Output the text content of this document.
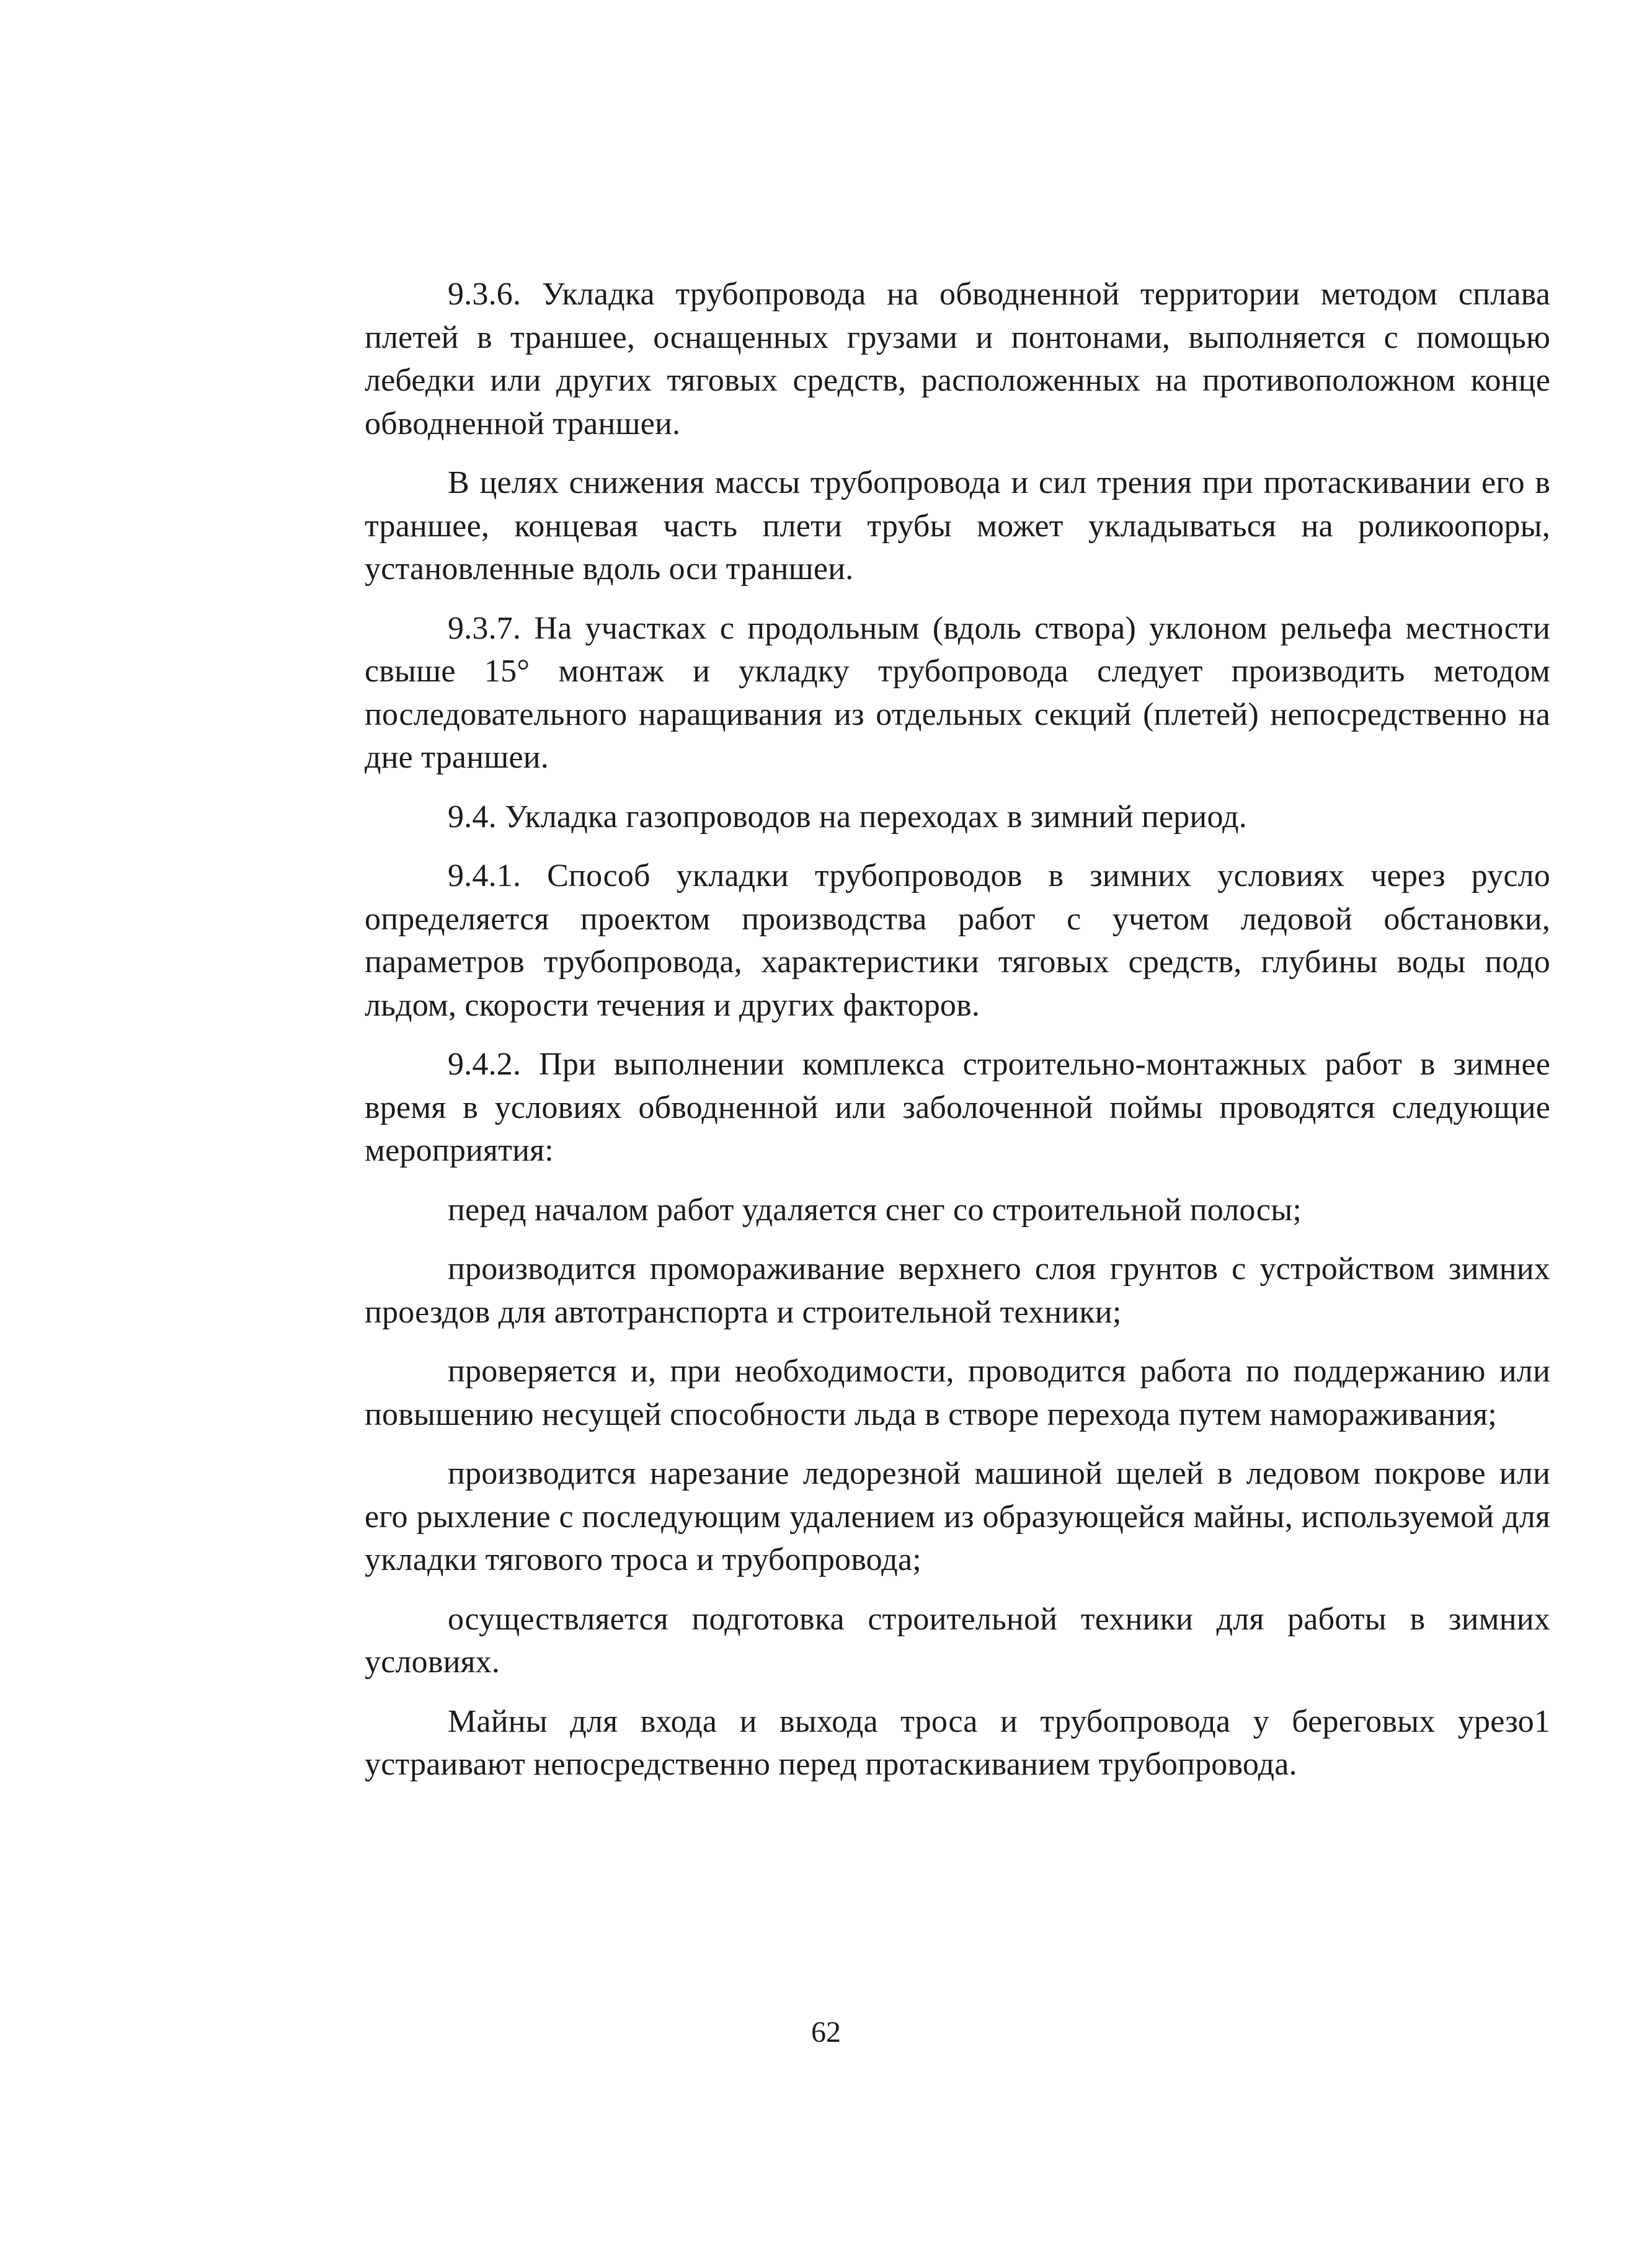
9.3.6. Укладка трубопровода на обводненной территории методом сплава плетей в траншее, оснащенных грузами и понтонами, выполняется с помощью лебедки или других тяговых средств, расположенных на противоположном конце обводненной траншеи.

В целях снижения массы трубопровода и сил трения при протаскивании его в траншее, концевая часть плети трубы может укладываться на роликоопоры, установленные вдоль оси траншеи.

9.3.7. На участках с продольным (вдоль створа) уклоном рельефа местности свыше 15° монтаж и укладку трубопровода следует производить методом последовательного наращивания из отдельных секций (плетей) непосредственно на дне траншеи.

9.4. Укладка газопроводов на переходах в зимний период.

9.4.1. Способ укладки трубопроводов в зимних условиях через русло определяется проектом производства работ с учетом ледовой обстановки, параметров трубопровода, характеристики тяговых средств, глубины воды подо льдом, скорости течения и других факторов.

9.4.2. При выполнении комплекса строительно-монтажных работ в зимнее время в условиях обводненной или заболоченной поймы проводятся следующие мероприятия:

перед началом работ удаляется снег со строительной полосы;

производится промораживание верхнего слоя грунтов с устройством зимних проездов для автотранспорта и строительной техники;

проверяется и, при необходимости, проводится работа по поддержанию или повышению несущей способности льда в створе перехода путем намораживания;

производится нарезание ледорезной машиной щелей в ледовом покрове или его рыхление с последующим удалением из образующейся майны, используемой для укладки тягового троса и трубопровода;

осуществляется подготовка строительной техники для работы в зимних условиях.

Майны для входа и выхода троса и трубопровода у береговых урезо1 устраивают непосредственно перед протаскиванием трубопровода.

62
